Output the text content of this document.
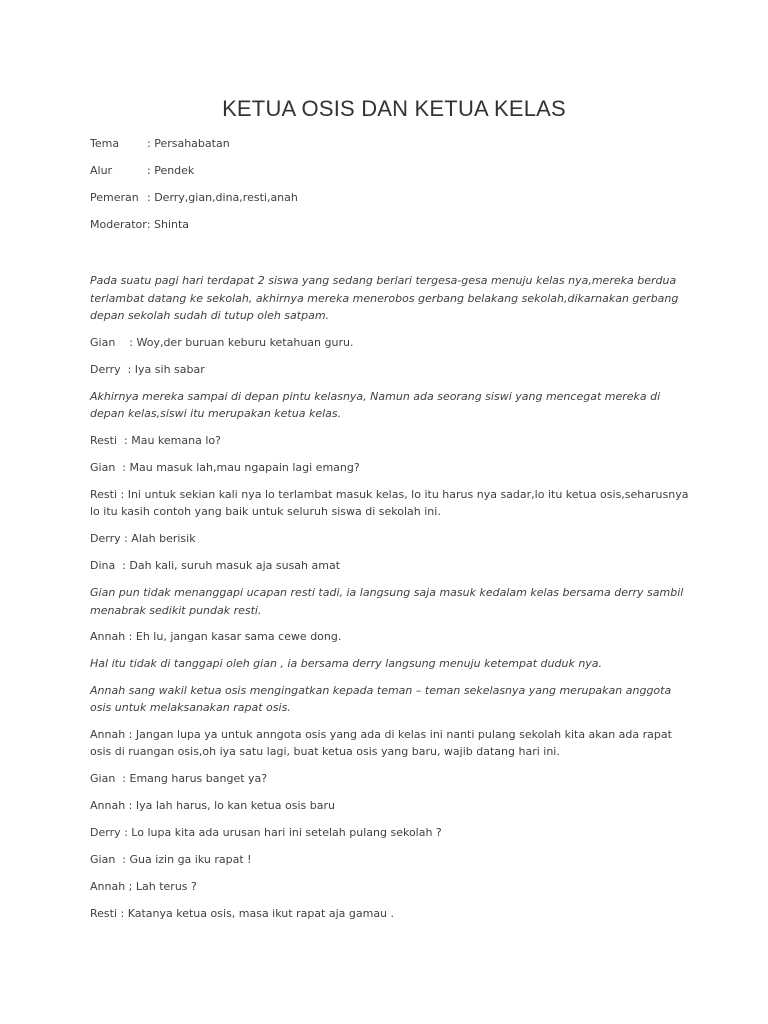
KETUA OSIS DAN KETUA KELAS
Tema	: Persahabatan
Alur	: Pendek
Pemeran : Derry,gian,dina,resti,anah
Moderator : Shinta

Pada suatu pagi hari terdapat 2 siswa yang sedang berlari tergesa-gesa menuju kelas nya,mereka berdua terlambat datang ke sekolah, akhirnya mereka menerobos gerbang belakang sekolah,dikarnakan gerbang depan sekolah sudah di tutup oleh satpam.

Gian    : Woy,der buruan keburu ketahuan guru.

Derry  : Iya sih sabar

Akhirnya mereka sampai di depan pintu kelasnya, Namun ada seorang siswi yang mencegat mereka di depan kelas,siswi itu merupakan ketua kelas.

Resti  : Mau kemana lo?

Gian  : Mau masuk lah,mau ngapain lagi emang?

Resti : Ini untuk sekian kali nya lo terlambat masuk kelas, lo itu harus nya sadar,lo itu ketua osis,seharusnya lo itu kasih contoh yang baik untuk seluruh siswa di sekolah ini.

Derry : Alah berisik

Dina  : Dah kali, suruh masuk aja susah amat

Gian pun tidak menanggapi ucapan resti tadi, ia langsung saja masuk kedalam kelas bersama derry sambil menabrak sedikit pundak resti.

Annah : Eh lu, jangan kasar sama cewe dong.

Hal itu tidak di tanggapi oleh gian , ia bersama derry langsung menuju ketempat duduk nya.

Annah sang wakil ketua osis mengingatkan kepada teman – teman sekelasnya yang merupakan anggota osis untuk melaksanakan rapat osis.

Annah : Jangan lupa ya untuk anngota osis yang ada di kelas ini nanti pulang sekolah kita akan ada rapat osis di ruangan osis,oh iya satu lagi, buat ketua osis yang baru, wajib datang hari ini.

Gian  : Emang harus banget ya?

Annah : Iya lah harus, lo kan ketua osis baru

Derry : Lo lupa kita ada urusan hari ini setelah pulang sekolah ?

Gian  : Gua izin ga iku rapat !

Annah ; Lah terus ?

Resti : Katanya ketua osis, masa ikut rapat aja gamau .
